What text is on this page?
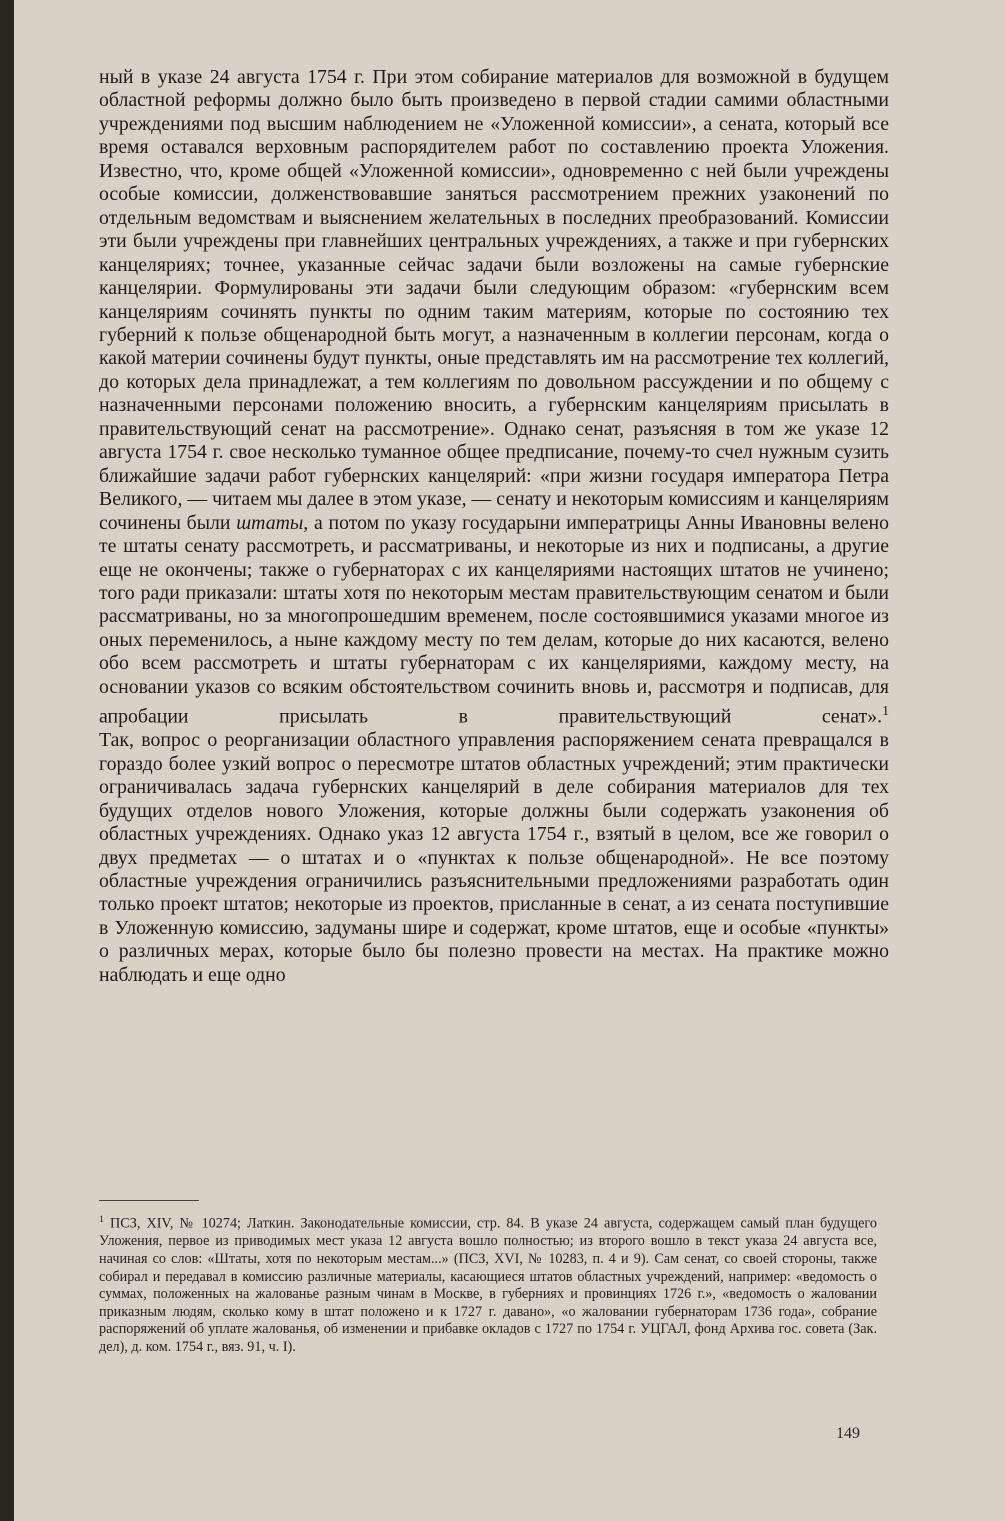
ный в указе 24 августа 1754 г. При этом собирание материалов для возможной в будущем областной реформы должно было быть произведено в первой стадии самими областными учреждениями под высшим наблюдением не «Уложенной комиссии», а сената, который все время оставался верховным распорядителем работ по составлению проекта Уложения. Известно, что, кроме общей «Уложенной комиссии», одновременно с ней были учреждены особые комиссии, долженствовавшие заняться рассмотрением прежних узаконений по отдельным ведомствам и выяснением желательных в последних преобразований. Комиссии эти были учреждены при главнейших центральных учреждениях, а также и при губернских канцеляриях; точнее, указанные сейчас задачи были возложены на самые губернские канцелярии. Формулированы эти задачи были следующим образом: «губернским всем канцеляриям сочинять пункты по одним таким материям, которые по состоянию тех губерний к пользе общенародной быть могут, а назначенным в коллегии персонам, когда о какой материи сочинены будут пункты, оные представлять им на рассмотрение тех коллегий, до которых дела принадлежат, а тем коллегиям по довольном рассуждении и по общему с назначенными персонами положению вносить, а губернским канцеляриям присылать в правительствующий сенат на рассмотрение». Однако сенат, разъясняя в том же указе 12 августа 1754 г. свое несколько туманное общее предписание, почему-то счел нужным сузить ближайшие задачи работ губернских канцелярий: «при жизни государя императора Петра Великого, — читаем мы далее в этом указе, — сенату и некоторым комиссиям и канцеляриям сочинены были штаты, а потом по указу государыни императрицы Анны Ивановны велено те штаты сенату рассмотреть, и рассматриваны, и некоторые из них и подписаны, а другие еще не окончены; также о губернаторах с их канцеляриями настоящих штатов не учинено; того ради приказали: штаты хотя по некоторым местам правительствующим сенатом и были рассматриваны, но за многопрошедшим временем, после состоявшимися указами многое из оных переменилось, а ныне каждому месту по тем делам, которые до них касаются, велено обо всем рассмотреть и штаты губернаторам с их канцеляриями, каждому месту, на основании указов со всяким обстоятельством сочинить вновь и, рассмотря и подписав, для апробации присылать в правительствующий сенат».$^1$

Так, вопрос о реорганизации областного управления распоряжением сената превращался в гораздо более узкий вопрос о пересмотре штатов областных учреждений; этим практически ограничивалась задача губернских канцелярий в деле собирания материалов для тех будущих отделов нового Уложения, которые должны были содержать узаконения об областных учреждениях. Однако указ 12 августа 1754 г., взятый в целом, все же говорил о двух предметах — о штатах и о «пунктах к пользе общенародной». Не все поэтому областные учреждения ограничились разъяснительными предложениями разработать один только проект штатов; некоторые из проектов, присланные в сенат, а из сената поступившие в Уложенную комиссию, задуманы шире и содержат, кроме штатов, еще и особые «пункты» о различных мерах, которые было бы полезно провести на местах. На практике можно наблюдать и еще одно

$^1$ ПСЗ, XIV, № 10274; Латкин. Законодательные комиссии, стр. 84. В указе 24 августа, содержащем самый план будущего Уложения, первое из приводимых мест указа 12 августа вошло полностью; из второго вошло в текст указа 24 августа все, начиная со слов: «Штаты, хотя по некоторым местам...» (ПСЗ, XVI, № 10283, п. 4 и 9). Сам сенат, со своей стороны, также собирал и передавал в комиссию различные материалы, касающиеся штатов областных учреждений, например: «ведомость о суммах, положенных на жалованье разным чинам в Москве, в губерниях и провинциях 1726 г.», «ведомость о жаловании приказным людям, сколько кому в штат положено и к 1727 г. давано», «о жаловании губернаторам 1736 года», собрание распоряжений об уплате жалованья, об изменении и прибавке окладов с 1727 по 1754 г. УЦГАЛ, фонд Архива гос. совета (Зак. дел), д. ком. 1754 г., вяз. 91, ч. I).
149
